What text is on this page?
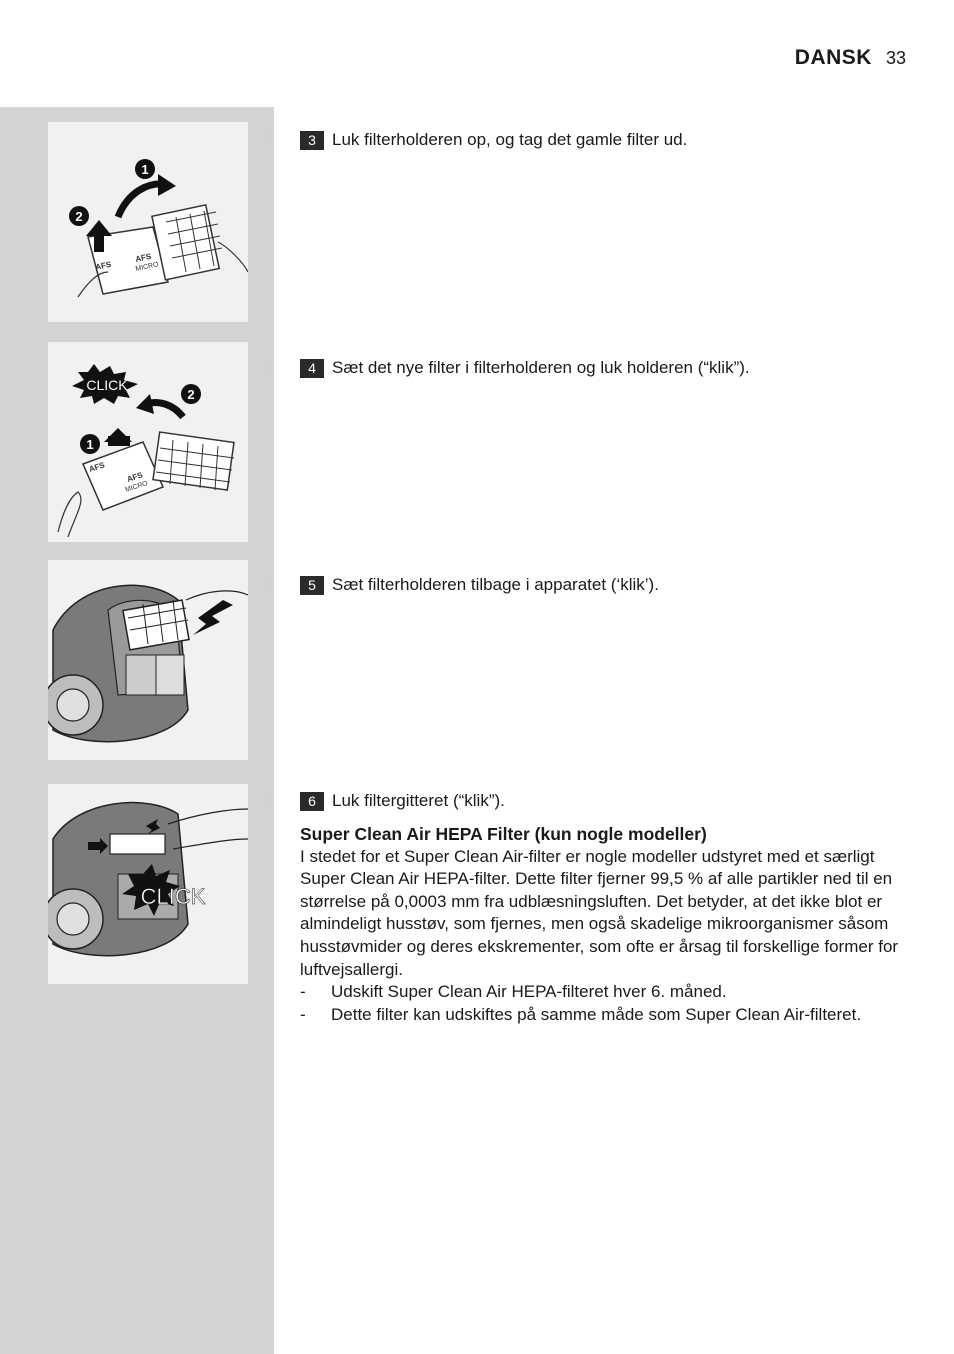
DANSK 33
1
2
AFS
AFS
MICRO
3 Luk filterholderen op, og tag det gamle filter ud.
CLICK
2
1
AFS
AFS
MICRO
4 Sæt det nye filter i filterholderen og luk holderen (“klik”).
5 Sæt filterholderen tilbage i apparatet (‘klik’).
CLICK
6 Luk filtergitteret (“klik”).
Super Clean Air HEPA Filter (kun nogle modeller)

I stedet for et Super Clean Air-filter er nogle modeller udstyret med et særligt Super Clean Air HEPA-filter. Dette filter fjerner 99,5 % af alle partikler ned til en størrelse på 0,0003 mm fra udblæsningsluften. Det betyder, at det ikke blot er almindeligt husstøv, som fjernes, men også skadelige mikroorganismer såsom husstøvmider og deres ekskrementer, som ofte er årsag til forskellige former for luftvejsallergi.

-	Udskift Super Clean Air HEPA-filteret hver 6. måned.
-	Dette filter kan udskiftes på samme måde som Super Clean Air-filteret.
